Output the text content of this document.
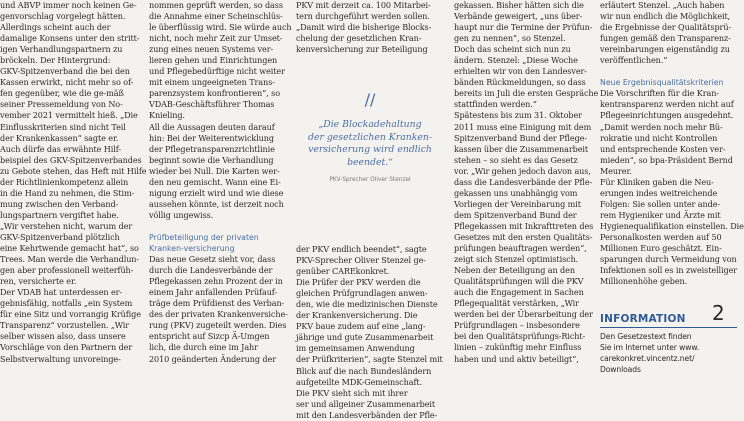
und ABVP immer noch keinen Ge-
genvorschlag vorgelegt hätten.
Allerdings scheint auch der
damalige Konsens unter den stritt-
igen Verhandlungspartnern zu
bröckeln. Der Hintergrund:
GKV-Spitzenverband die bei den
Kassen erwirkt, nicht mehr so of-
fen gegenüber, wie die ge-mäß
seiner Pressemeldung von No-
vember 2021 vermittelt hieß. „Die
Einflusskriterien sind nicht Teil
der Krankenkassen“ sagte er.
Auch dürfe das erwähnte Hilf-
beispiel des GKV-Spitzenverbandes
zu Gebote stehen, das Heft mit Hilfe
der Richtlinienkompetenz allein
in die Hand zu nehmen, die Stim-
mung zwischen den Verband-
lungspartnern vergiftet habe.
„Wir verstehen nicht, warum der
GKV-Spitzenverband plötzlich
eine Kehrtwende gemacht hat“, so
Trees. Man werde die Verhandlun-
gen aber professionell weiterfüh-
ren, versicherte er.
Der VDAB hat unterdessen er-
gebnisfähig, notfalls „ein System
für eine Sitz und vorrangig Krüfige
Transparenz“ vorzustellen. „Wir
selber wissen also, dass unsere
Vorschläge von den Partnern der
Selbstverwaltung unvoreinge-
nommen geprüft werden, so dass
die Annahme einer Scheinschlüs-
le überflüssig wird. Sie würde auch
nicht, noch mehr Zeit zur Umset-
zung eines neuen Systems ver-
lieren gehen und Einrichtungen
und Pflegebedürftige nicht weiter
mit einem ungeeigneten Trans-
parenzsystem konfrontieren“, so
VDAB-Geschäftsführer Thomas
Knieling.
All die Aussagen deuten darauf
hin: Bei der Weiterentwicklung
der Pflegetransparenzrichtlinie
beginnt sowie die Verhandlung
wieder bei Null. Die Karten wer-
den neu gemischt. Wann eine Ei-
nigung erzielt wird und wie diese
aussehen könnte, ist derzeit noch
völlig ungewiss.

Prüfbeteiligung der privaten
Kranken-versicherung
Das neue Gesetz sieht vor, dass
durch die Landesverbände der
Pflegekassen zehn Prozent der in
einem Jahr anfallenden Prüfauf-
träge dem Prüfdienst des Verban-
des der privaten Krankenversiche-
rung (PKV) zugeteilt werden. Dies
entspricht auf Sizcp Ä-Umgen
lich, die durch eine im Jahr
2010 geänderten Änderung der
PKV mit derzeit ca. 100 Mitarbei-
tern durchgeführt werden sollen.
„Damit wird die bisherige Blocks-
chelung der gesetzlichen Kran-
kenversicherung zur Beteiligung
//
„Die Blockadehaltung
der gesetzlichen Kranken-
versicherung wird endlich
beendet.“
PKV-Sprecher Oliver Stenzel
der PKV endlich beendet“, sagte
PKV-Sprecher Oliver Stenzel ge-
genüber CAREkonkret.
Die Prüfer der PKV werden die
gleichen Prüfgrundlagen anwen-
den, wie die medizinischen Dienste
der Krankenversicherung. Die
PKV baue zudem auf eine „lang-
jährige und gute Zusammenarbeit
im gemeinsamen Anwendung
der Prüfkriterien“, sagte Stenzel mit
Blick auf die nach Bundesländern
aufgeteilte MDK-Gemeinschaft.
Die PKV sieht sich mit ihrer
ser und allgeiner Zusammenarbeit
mit den Landesverbänden der Pfle-
gekassen. Bisher hätten sich die
Verbände geweigert, „uns über-
haupt nur die Termine der Prüfun-
gen zu nennen“, so Stenzel.
Doch das scheint sich nun zu
ändern. Stenzel: „Diese Woche
erhielten wir von den Landesver-
bänden Rückmeldungen, so dass
bereits im Juli die ersten Gespräche
stattfinden werden.“
Spätestens bis zum 31. Oktober
2011 muss eine Einigung mit dem
Spitzenverband Bund der Pflege-
kassen über die Zusammenarbeit
stehen – so sieht es das Gesetz
vor. „Wir gehen jedoch davon aus,
dass die Landesverbände der Pfle-
gekassen uns unabhängig vom
Vorliegen der Vereinbarung mit
dem Spitzenverband Bund der
Pflegekassen mit Inkrafttreten des
Gesetzes mit den ersten Qualitäts-
prüfungen beauftragen werden“,
zeigt sich Stenzel optimistisch.
Neben der Beteiligung an den
Qualitätsprüfungen will die PKV
auch die Engagement in Sachen
Pflegequalität verstärken, „Wir
werden bei der Überarbeitung der
Prüfgrundlagen – insbesondere
bei den Qualitätsprüfungs-Richt-
linien – zukünftig mehr Einfluss
haben und und aktiv beteiligt“,
erläutert Stenzel. „Auch haben
wir nun endlich die Möglichkeit,
die Ergebnisse der Qualitätsprü-
fungen gemäß den Transparenz-
vereinbarungen eigenständig zu
veröffentlichen.“

Neue Ergebnisqualitätskriterien
Die Vorschriften für die Kran-
kentransparenz werden nicht auf
Pflegeeinrichtungen ausgedehnt.
„Damit werden noch mehr Bü-
rokratie und nicht Kontrollen
und entsprechende Kosten ver-
mieden“, so bpa-Präsident Bernd
Meurer.
Für Kliniken gaben die Neu-
erungen indes weitreichende
Folgen: Sie sollen unter ande-
rem Hygieniker und Ärzte mit
Hygienequalifikation einstellen. Die
Personalkosten werden auf 50
Millionen Euro geschätzt. Ein-
sparungen durch Vermeidung von
Infektionen soll es in zweistelliger
Millionenhöhe geben.
INFORMATION
Den Gesetzestext finden
Sie im Internet unter www.
carekonkret.vincentz.net/
Downloads
2
